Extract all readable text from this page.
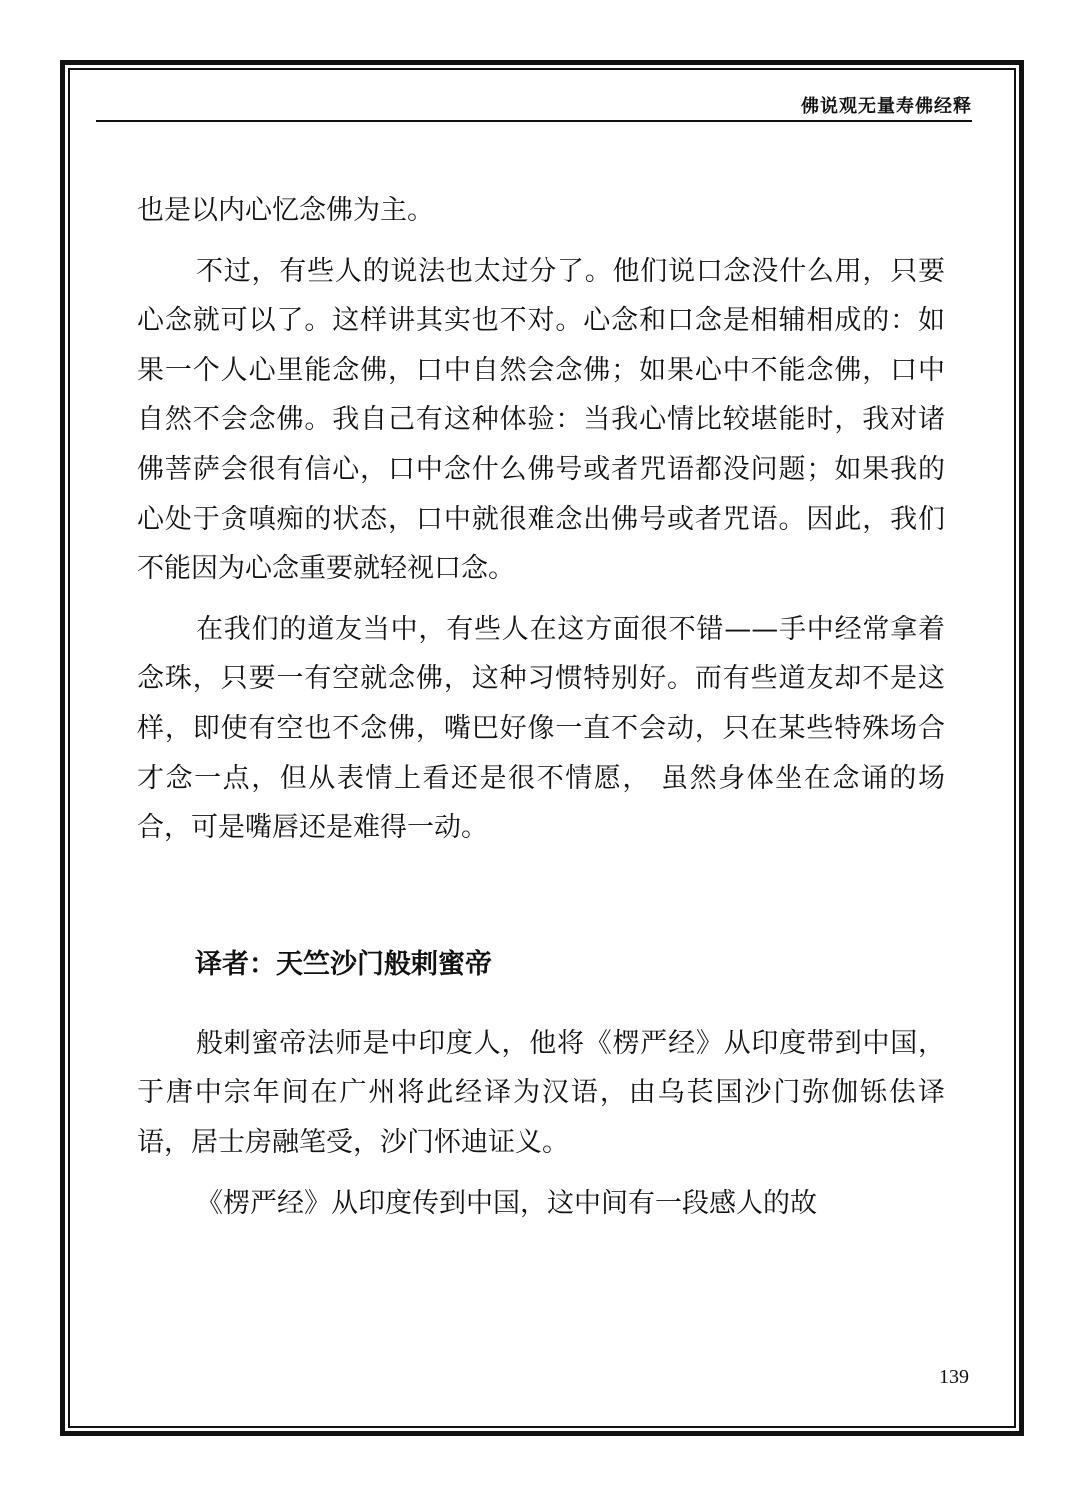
佛说观无量寿佛经释

也是以内心忆念佛为主。

不过，有些人的说法也太过分了。他们说口念没什么用，只要心念就可以了。这样讲其实也不对。心念和口念是相辅相成的：如果一个人心里能念佛，口中自然会念佛；如果心中不能念佛，口中自然不会念佛。我自己有这种体验：当我心情比较堪能时，我对诸佛菩萨会很有信心，口中念什么佛号或者咒语都没问题；如果我的心处于贪嗔痴的状态，口中就很难念出佛号或者咒语。因此，我们不能因为心念重要就轻视口念。

在我们的道友当中，有些人在这方面很不错——手中经常拿着念珠，只要一有空就念佛，这种习惯特别好。而有些道友却不是这样，即使有空也不念佛，嘴巴好像一直不会动，只在某些特殊场合才念一点，但从表情上看还是很不情愿， 虽然身体坐在念诵的场合，可是嘴唇还是难得一动。

译者：天竺沙门般剌蜜帝

般剌蜜帝法师是中印度人，他将《楞严经》从印度带到中国，于唐中宗年间在广州将此经译为汉语，由乌苌国沙门弥伽铄佉译语，居士房融笔受，沙门怀迪证义。

《楞严经》从印度传到中国，这中间有一段感人的故

139
